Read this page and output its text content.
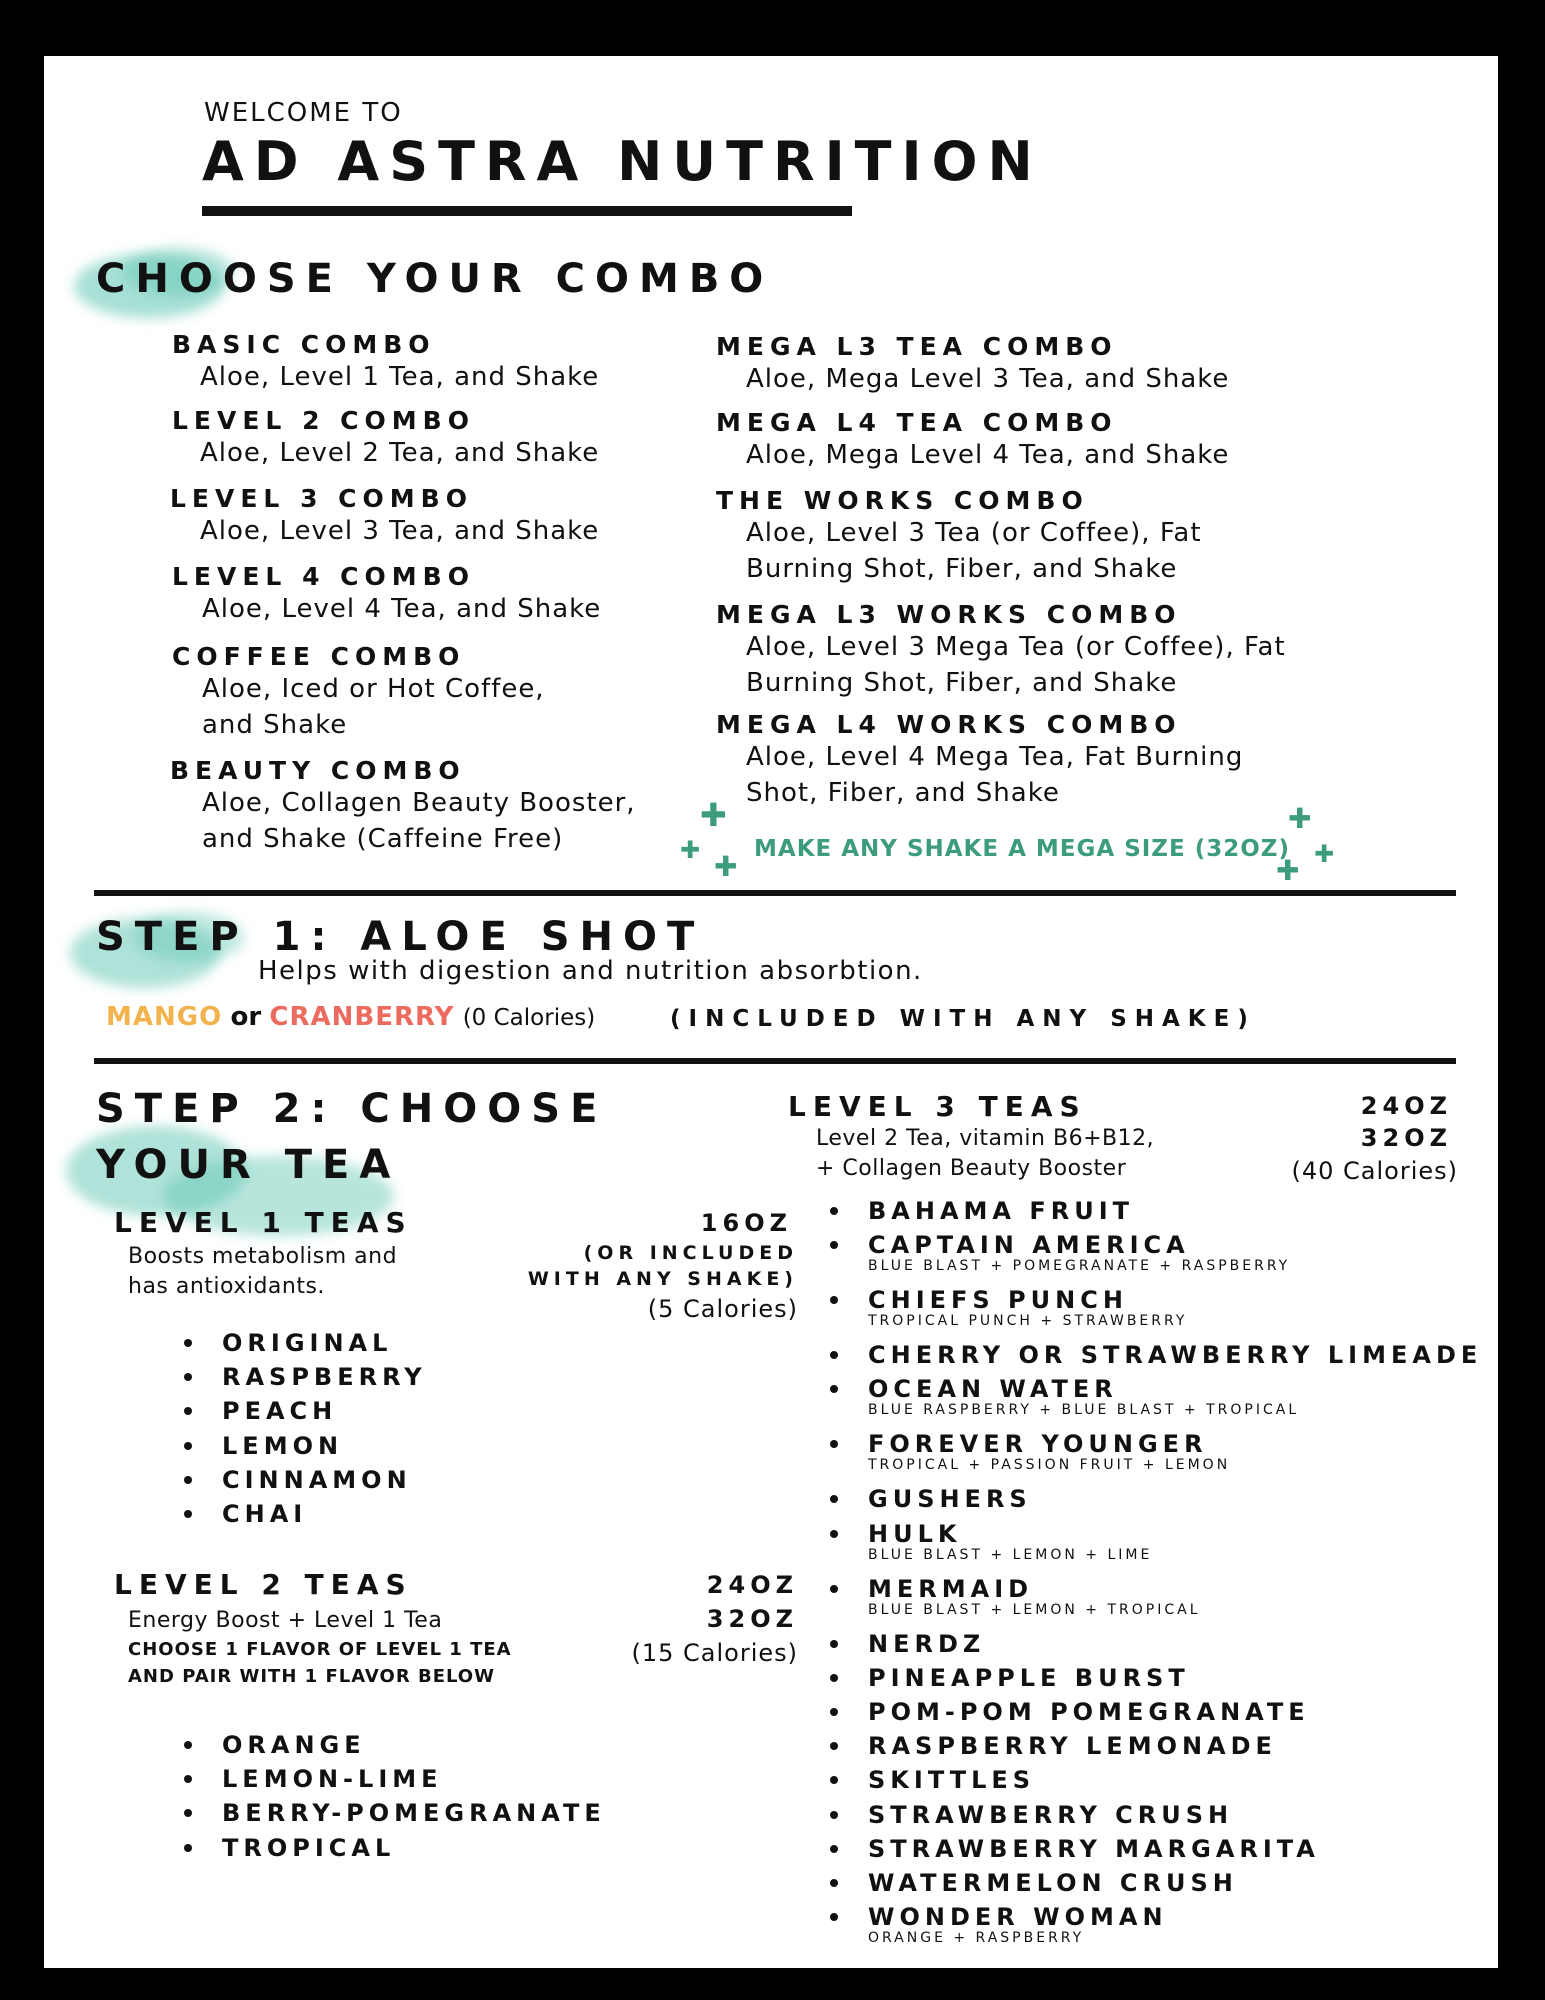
WELCOME TO
AD ASTRA NUTRITION
CHOOSE YOUR COMBO
BASIC COMBO
Aloe, Level 1 Tea, and Shake
LEVEL 2 COMBO
Aloe, Level 2 Tea, and Shake
LEVEL 3 COMBO
Aloe, Level 3 Tea, and Shake
LEVEL 4 COMBO
Aloe, Level 4 Tea, and Shake
COFFEE COMBO
Aloe, Iced or Hot Coffee,
and Shake
BEAUTY COMBO
Aloe, Collagen Beauty Booster,
and Shake (Caffeine Free)
MEGA L3 TEA COMBO
Aloe, Mega Level 3 Tea, and Shake
MEGA L4 TEA COMBO
Aloe, Mega Level 4 Tea, and Shake
THE WORKS COMBO
Aloe, Level 3 Tea (or Coffee), Fat
Burning Shot, Fiber, and Shake
MEGA L3 WORKS COMBO
Aloe, Level 3 Mega Tea (or Coffee), Fat
Burning Shot, Fiber, and Shake
MEGA L4 WORKS COMBO
Aloe, Level 4 Mega Tea, Fat Burning
Shot, Fiber, and Shake
✚
✚ ✚
✚
✚ ✚
MAKE ANY SHAKE A MEGA SIZE (32OZ)
STEP 1: ALOE SHOT
Helps with digestion and nutrition absorbtion.
MANGO or CRANBERRY (0 Calories)	(INCLUDED WITH ANY SHAKE)
STEP 2: CHOOSE
YOUR TEA
LEVEL 1 TEAS
Boosts metabolism and
has antioxidants.
16OZ
(OR INCLUDED
WITH ANY SHAKE)
(5 Calories)
ORIGINAL
RASPBERRY
PEACH
LEMON
CINNAMON
CHAI
LEVEL 2 TEAS
Energy Boost + Level 1 Tea
CHOOSE 1 FLAVOR OF LEVEL 1 TEA
AND PAIR WITH 1 FLAVOR BELOW
24OZ
32OZ
(15 Calories)
ORANGE
LEMON-LIME
BERRY-POMEGRANATE
TROPICAL
LEVEL 3 TEAS
Level 2 Tea, vitamin B6+B12,
+ Collagen Beauty Booster
24OZ
32OZ
(40 Calories)
BAHAMA FRUIT
CAPTAIN AMERICA
BLUE BLAST + POMEGRANATE + RASPBERRY
CHIEFS PUNCH
TROPICAL PUNCH + STRAWBERRY
CHERRY OR STRAWBERRY LIMEADE
OCEAN WATER
BLUE RASPBERRY + BLUE BLAST + TROPICAL
FOREVER YOUNGER
TROPICAL + PASSION FRUIT + LEMON
GUSHERS
HULK
BLUE BLAST + LEMON + LIME
MERMAID
BLUE BLAST + LEMON + TROPICAL
NERDZ
PINEAPPLE BURST
POM-POM POMEGRANATE
RASPBERRY LEMONADE
SKITTLES
STRAWBERRY CRUSH
STRAWBERRY MARGARITA
WATERMELON CRUSH
WONDER WOMAN
ORANGE + RASPBERRY
